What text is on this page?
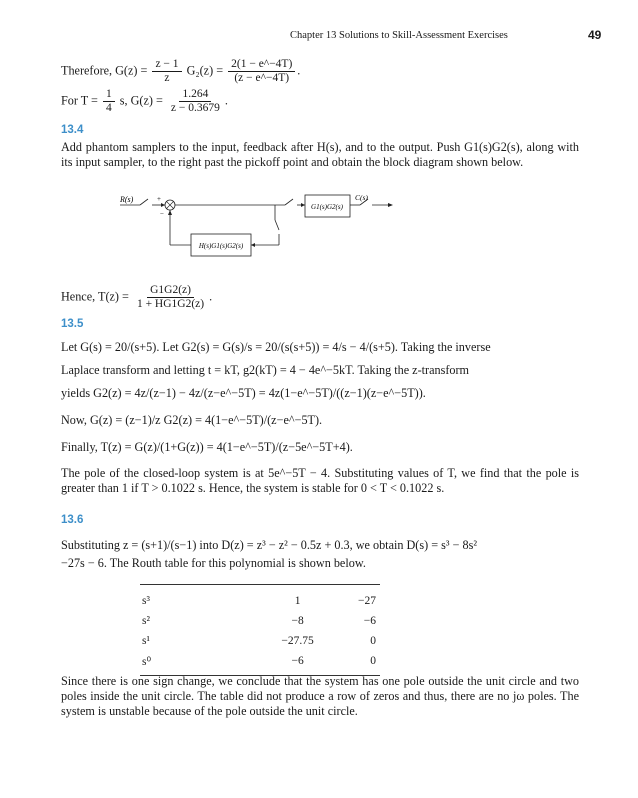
Chapter 13 Solutions to Skill-Assessment Exercises	49
Therefore, $G(z) = \frac{z - 1}{z} G_2(z) = \frac{2(1 - e\^{}-4T)}{(z - e\^{}-4T)}$ .
For $T = \frac{1}{4} s$, $G(z) = \frac{1.264}{z - 0.3679}$ .
13.4
Add phantom samplers to the input, feedback after H(s), and to the output. Push G1(s)G2(s), along with its input sampler, to the right past the pickoff point and obtain the block diagram shown below.
R(s)	+
−
G1(s)G2(s)
C(s)
H(s)G1(s)G2(s)
Hence, $T(z) = \frac{G1G2(z)}{1 + HG1G2(z)}$ .
13.5
Let G(s) = 20/(s+5). Let G2(s) = G(s)/s = 20/(s(s+5)) = 4/s − 4/(s+5). Taking the inverse
Laplace transform and letting t = kT, g2(kT) = 4 − 4e^−5kT. Taking the z-transform
yields G2(z) = 4z/(z−1) − 4z/(z−e^−5T) = 4z(1−e^−5T)/((z−1)(z−e^−5T)).
Now, G(z) = (z−1)/z G2(z) = 4(1−e^−5T)/(z−e^−5T).
Finally, T(z) = G(z)/(1+G(z)) = 4(1−e^−5T)/(z−5e^−5T+4).
The pole of the closed-loop system is at 5e^−5T − 4. Substituting values of T, we find that the pole is greater than 1 if T > 0.1022 s. Hence, the system is stable for 0 < T < 0.1022 s.
13.6
Substituting z = (s+1)/(s−1) into D(z) = z³ − z² − 0.5z + 0.3, we obtain D(s) = s³ − 8s²
−27s − 6. The Routh table for this polynomial is shown below.
s³	1	−27
s²	−8	−6
s¹	−27.75	0
s⁰	−6	0
Since there is one sign change, we conclude that the system has one pole outside the unit circle and two poles inside the unit circle. The table did not produce a row of zeros and thus, there are no jω poles. The system is unstable because of the pole outside the unit circle.
